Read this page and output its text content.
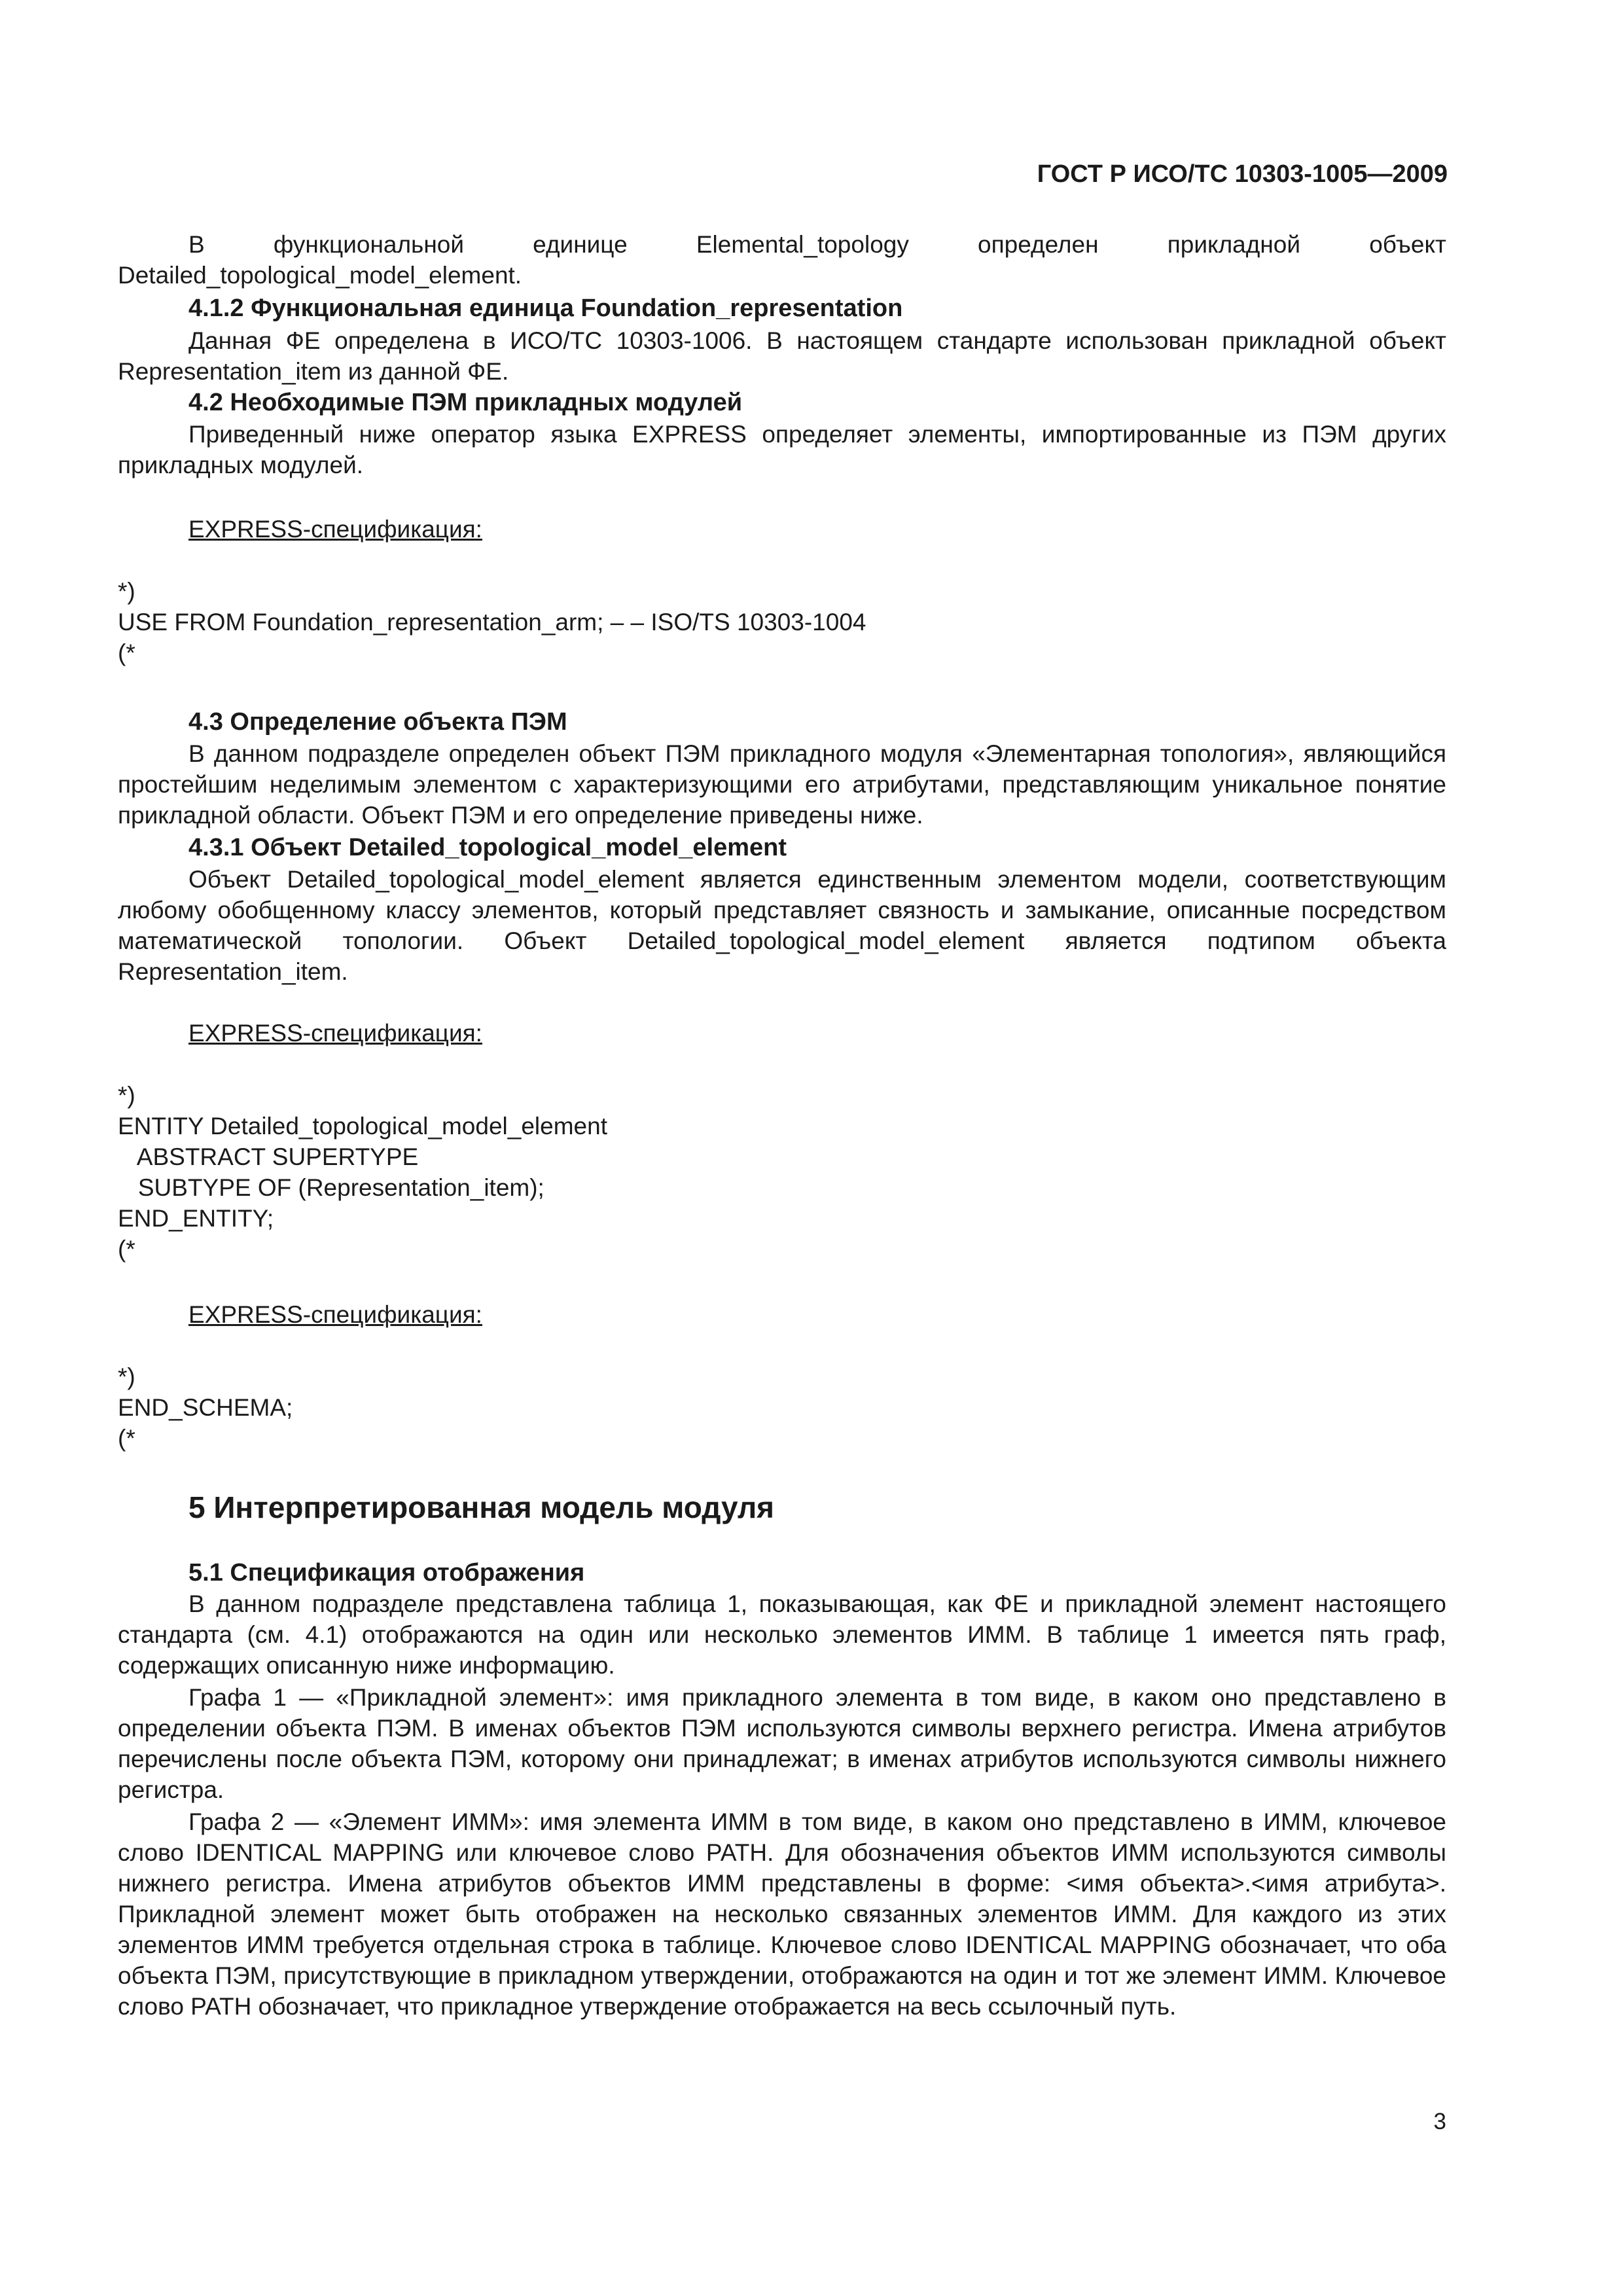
ГОСТ Р ИСО/ТС 10303-1005—2009

В функциональной единице Elemental_topology определен прикладной объект Detailed_topological_model_element.

4.1.2 Функциональная единица Foundation_representation

Данная ФЕ определена в ИСО/ТС 10303-1006. В настоящем стандарте использован прикладной объект Representation_item из данной ФЕ.

4.2 Необходимые ПЭМ прикладных модулей

Приведенный ниже оператор языка EXPRESS определяет элементы, импортированные из ПЭМ других прикладных модулей.

EXPRESS-спецификация:
*)
USE FROM Foundation_representation_arm; – – ISO/TS 10303-1004
(*
4.3 Определение объекта ПЭМ

В данном подразделе определен объект ПЭМ прикладного модуля «Элементарная топология», являющийся простейшим неделимым элементом с характеризующими его атрибутами, представляющим уникальное понятие прикладной области. Объект ПЭМ и его определение приведены ниже.

4.3.1 Объект Detailed_topological_model_element

Объект Detailed_topological_model_element является единственным элементом модели, соответствующим любому обобщенному классу элементов, который представляет связность и замыкание, описанные посредством математической топологии. Объект Detailed_topological_model_element является подтипом объекта Representation_item.

EXPRESS-спецификация:
*)
ENTITY Detailed_topological_model_element
ABSTRACT SUPERTYPE
SUBTYPE OF (Representation_item);
END_ENTITY;
(*
EXPRESS-спецификация:
*)
END_SCHEMA;
(*
5 Интерпретированная модель модуля
5.1 Спецификация отображения

В данном подразделе представлена таблица 1, показывающая, как ФЕ и прикладной элемент настоящего стандарта (см. 4.1) отображаются на один или несколько элементов ИММ. В таблице 1 имеется пять граф, содержащих описанную ниже информацию.

Графа 1 — «Прикладной элемент»: имя прикладного элемента в том виде, в каком оно представлено в определении объекта ПЭМ. В именах объектов ПЭМ используются символы верхнего регистра. Имена атрибутов перечислены после объекта ПЭМ, которому они принадлежат; в именах атрибутов используются символы нижнего регистра.

Графа 2 — «Элемент ИММ»: имя элемента ИММ в том виде, в каком оно представлено в ИММ, ключевое слово IDENTICAL MAPPING или ключевое слово PATH. Для обозначения объектов ИММ используются символы нижнего регистра. Имена атрибутов объектов ИММ представлены в форме: <имя объекта>.<имя атрибута>. Прикладной элемент может быть отображен на несколько связанных элементов ИММ. Для каждого из этих элементов ИММ требуется отдельная строка в таблице. Ключевое слово IDENTICAL MAPPING обозначает, что оба объекта ПЭМ, присутствующие в прикладном утверждении, отображаются на один и тот же элемент ИММ. Ключевое слово PATH обозначает, что прикладное утверждение отображается на весь ссылочный путь.

3
